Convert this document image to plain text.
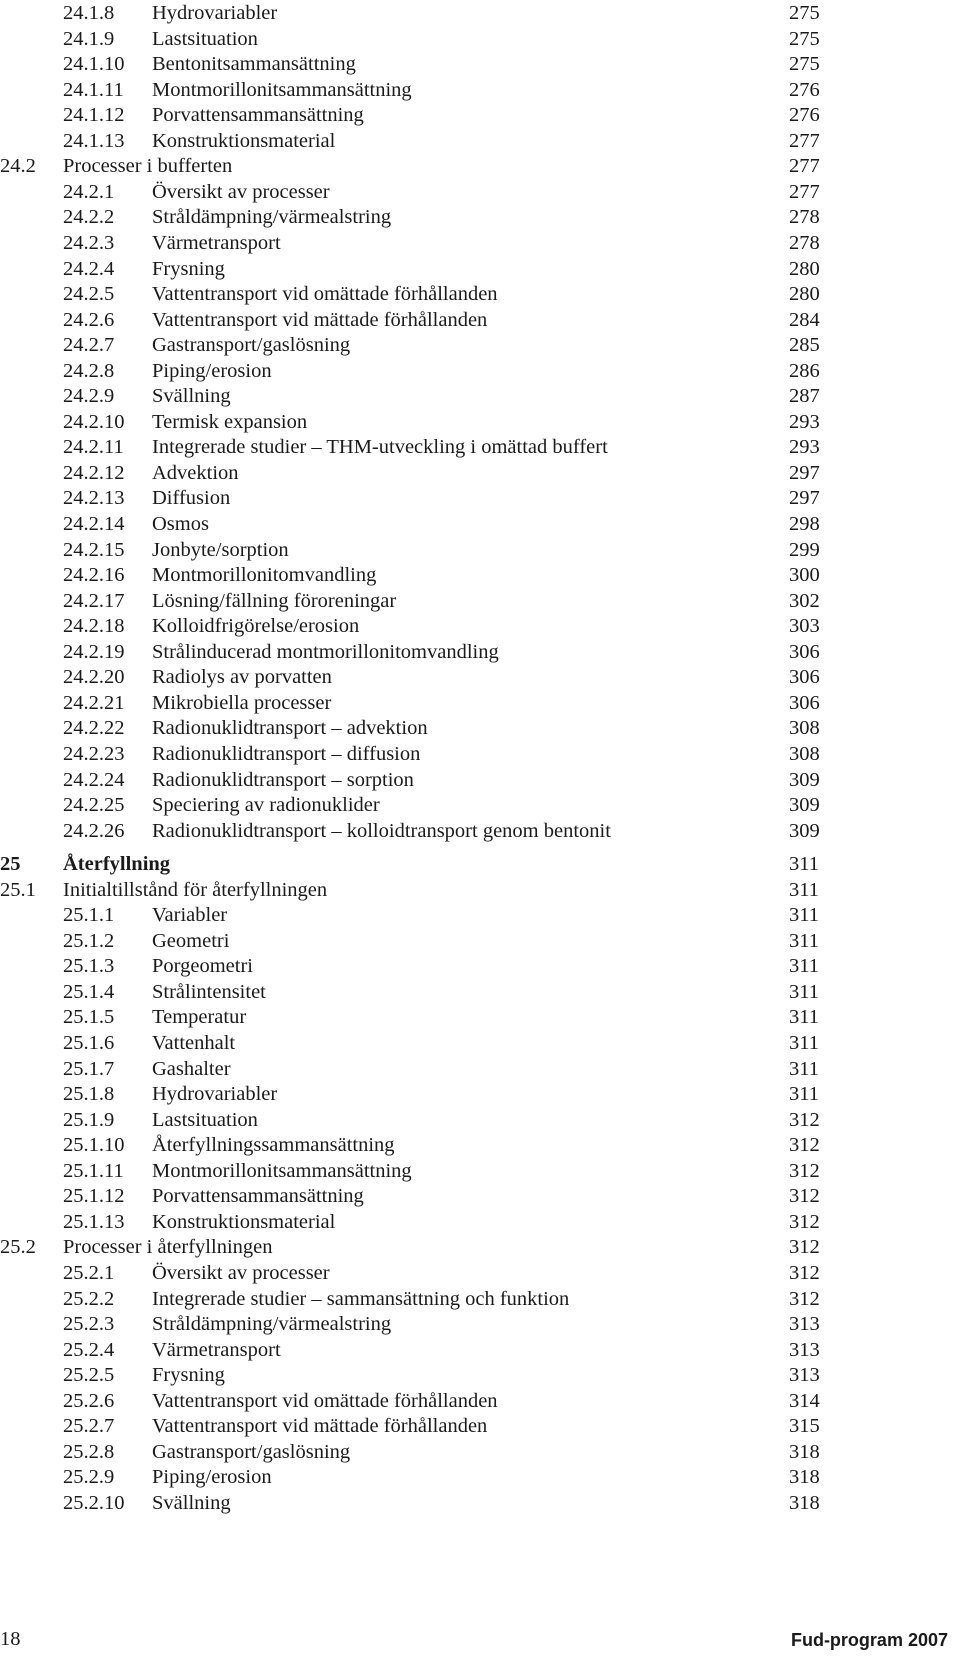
24.1.8 Hydrovariabler	275
24.1.9 Lastsituation	275
24.1.10 Bentonitsammansättning	275
24.1.11 Montmorillonitsammansättning	276
24.1.12 Porvattensammansättning	276
24.1.13 Konstruktionsmaterial	277
24.2 Processer i bufferten	277
24.2.1 Översikt av processer	277
24.2.2 Stråldämpning/värmealstring	278
24.2.3 Värmetransport	278
24.2.4 Frysning	280
24.2.5 Vattentransport vid omättade förhållanden	280
24.2.6 Vattentransport vid mättade förhållanden	284
24.2.7 Gastransport/gaslösning	285
24.2.8 Piping/erosion	286
24.2.9 Svällning	287
24.2.10 Termisk expansion	293
24.2.11 Integrerade studier – THM-utveckling i omättad buffert	293
24.2.12 Advektion	297
24.2.13 Diffusion	297
24.2.14 Osmos	298
24.2.15 Jonbyte/sorption	299
24.2.16 Montmorillonitomvandling	300
24.2.17 Lösning/fällning föroreningar	302
24.2.18 Kolloidfrigörelse/erosion	303
24.2.19 Strålinducerad montmorillonitomvandling	306
24.2.20 Radiolys av porvatten	306
24.2.21 Mikrobiella processer	306
24.2.22 Radionuklidtransport – advektion	308
24.2.23 Radionuklidtransport – diffusion	308
24.2.24 Radionuklidtransport – sorption	309
24.2.25 Speciering av radionuklider	309
24.2.26 Radionuklidtransport – kolloidtransport genom bentonit	309
25 Återfyllning	311
25.1 Initialtillstånd för återfyllningen	311
25.1.1 Variabler	311
25.1.2 Geometri	311
25.1.3 Porgeometri	311
25.1.4 Strålintensitet	311
25.1.5 Temperatur	311
25.1.6 Vattenhalt	311
25.1.7 Gashalter	311
25.1.8 Hydrovariabler	311
25.1.9 Lastsituation	312
25.1.10 Återfyllningssammansättning	312
25.1.11 Montmorillonitsammansättning	312
25.1.12 Porvattensammansättning	312
25.1.13 Konstruktionsmaterial	312
25.2 Processer i återfyllningen	312
25.2.1 Översikt av processer	312
25.2.2 Integrerade studier – sammansättning och funktion	312
25.2.3 Stråldämpning/värmealstring	313
25.2.4 Värmetransport	313
25.2.5 Frysning	313
25.2.6 Vattentransport vid omättade förhållanden	314
25.2.7 Vattentransport vid mättade förhållanden	315
25.2.8 Gastransport/gaslösning	318
25.2.9 Piping/erosion	318
25.2.10 Svällning	318
18	Fud-program 2007
